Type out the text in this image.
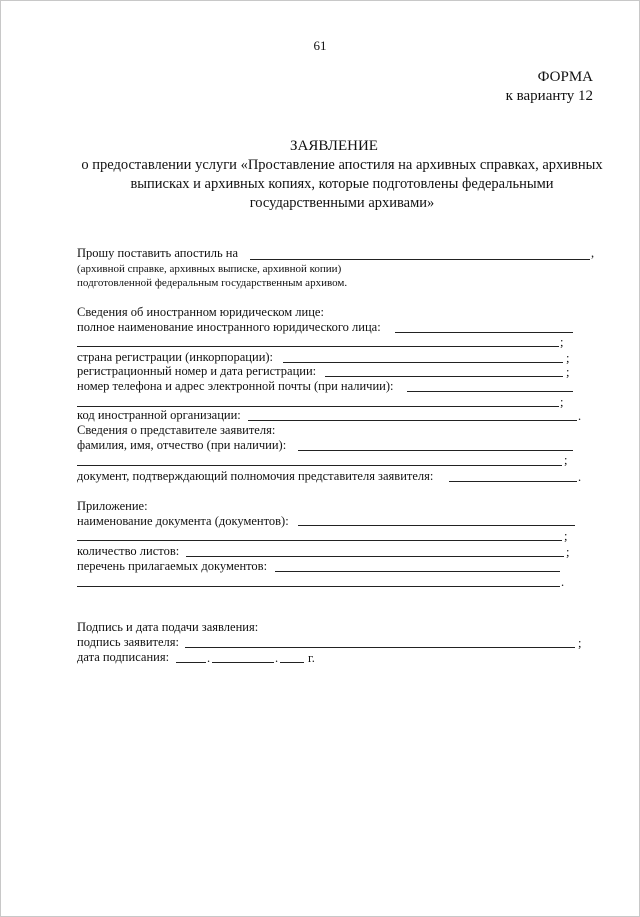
61
ФОРМА
к варианту 12
ЗАЯВЛЕНИЕ
о предоставлении услуги «Проставление апостиля на архивных справках, архивных выписках и архивных копиях, которые подготовлены федеральными государственными архивами»
Прошу поставить апостиль на	,
(архивной справке, архивных выписке, архивной копии)
подготовленной федеральным государственным архивом.
Сведения об иностранном юридическом лице:
полное наименование иностранного юридического лица:
;
страна регистрации (инкорпорации):	;
регистрационный номер и дата регистрации:	;
номер телефона и адрес электронной почты (при наличии):
;
код иностранной организации:	.
Сведения о представителе заявителя:
фамилия, имя, отчество (при наличии):
;
документ, подтверждающий полномочия представителя заявителя:	.
Приложение:
наименование документа (документов):
;
количество листов:	;
перечень прилагаемых документов:
.
Подпись и дата подачи заявления:
подпись заявителя:	;
дата подписания:	.	. г.
